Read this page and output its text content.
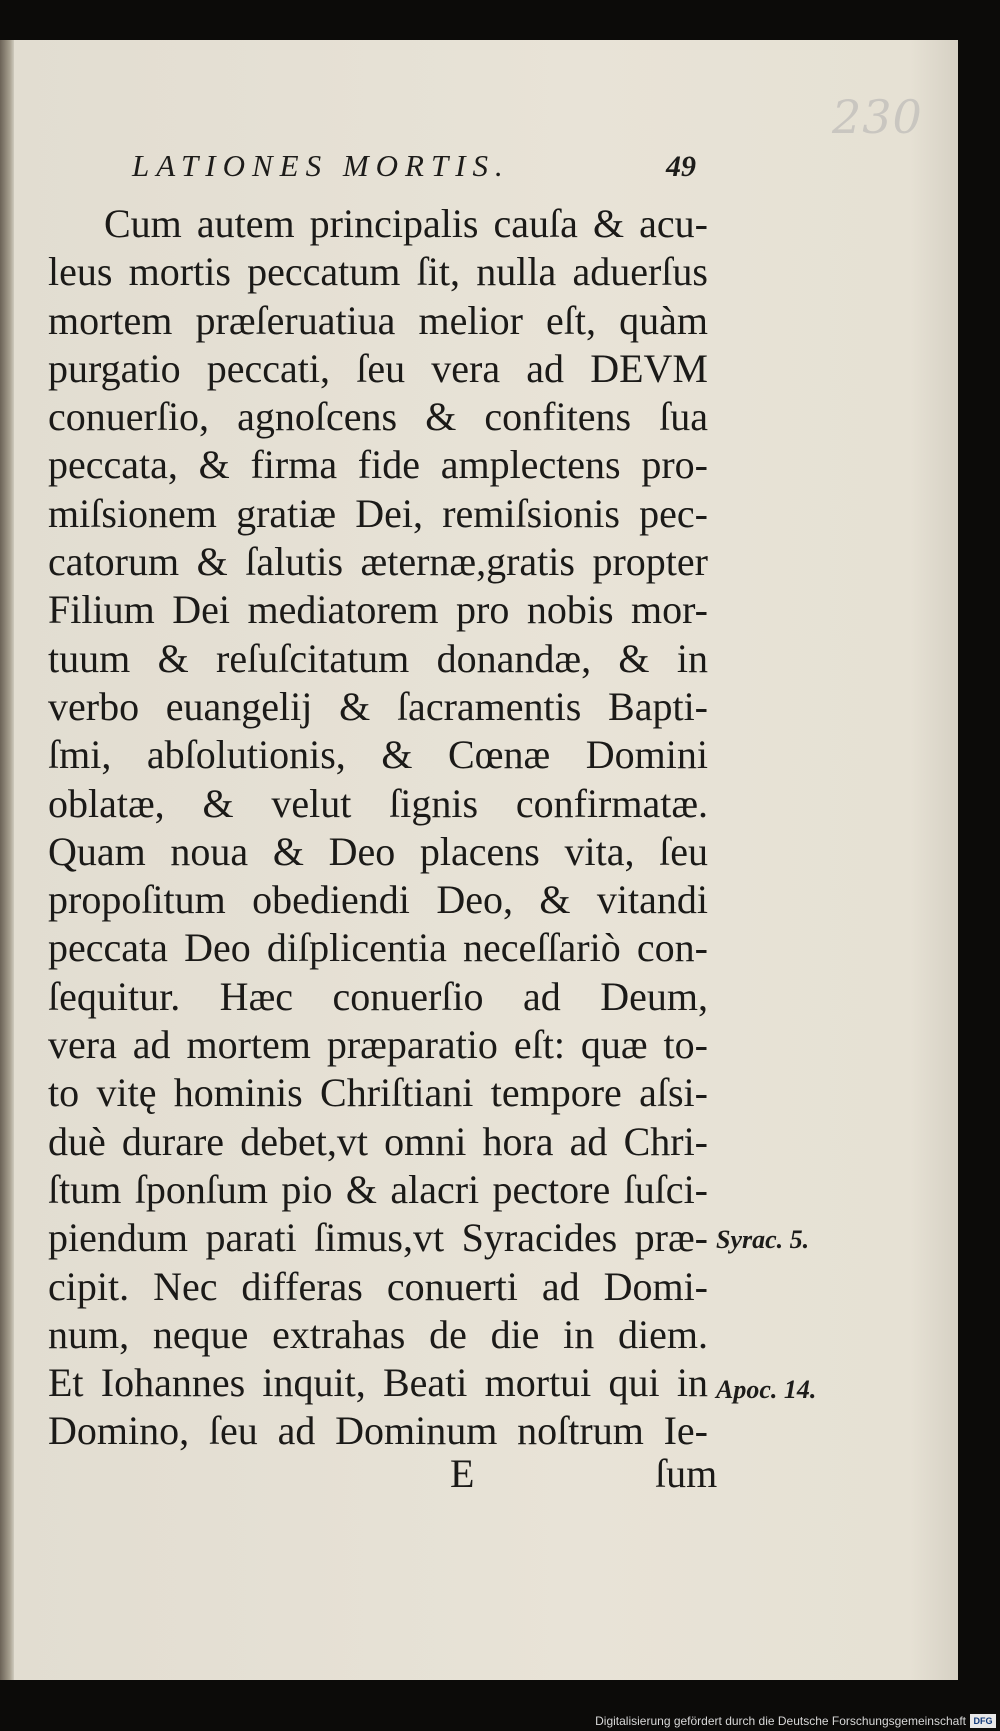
230
LATIONES MORTIS.	49
Cum autem principalis cauſa & acu-
leus mortis peccatum ſit, nulla aduerſus
mortem præſeruatiua melior eſt, quàm
purgatio peccati, ſeu vera ad DEVM
conuerſio, agnoſcens & confitens ſua
peccata, & firma fide amplectens pro-
miſsionem gratiæ Dei, remiſsionis pec-
catorum & ſalutis æternæ,gratis propter
Filium Dei mediatorem pro nobis mor-
tuum & reſuſcitatum donandæ, & in
verbo euangelij & ſacramentis Bapti-
ſmi, abſolutionis, & Cœnæ Domini
oblatæ, & velut ſignis confirmatæ.
Quam noua & Deo placens vita, ſeu
propoſitum obediendi Deo, & vitandi
peccata Deo diſplicentia neceſſariò con-
ſequitur. Hæc conuerſio ad Deum,
vera ad mortem præparatio eſt: quæ to-
to vitę hominis Chriſtiani tempore aſsi-
duè durare debet,vt omni hora ad Chri-
ſtum ſponſum pio & alacri pectore ſuſci-
piendum parati ſimus,vt Syracides præ-
cipit. Nec differas conuerti ad Domi-
num, neque extrahas de die in diem.
Et Iohannes inquit, Beati mortui qui in
Domino, ſeu ad Dominum noſtrum Ie-
E	ſum
Syrac. 5.
Apoc. 14.
Digitalisierung gefördert durch die Deutsche Forschungsgemeinschaft DFG
